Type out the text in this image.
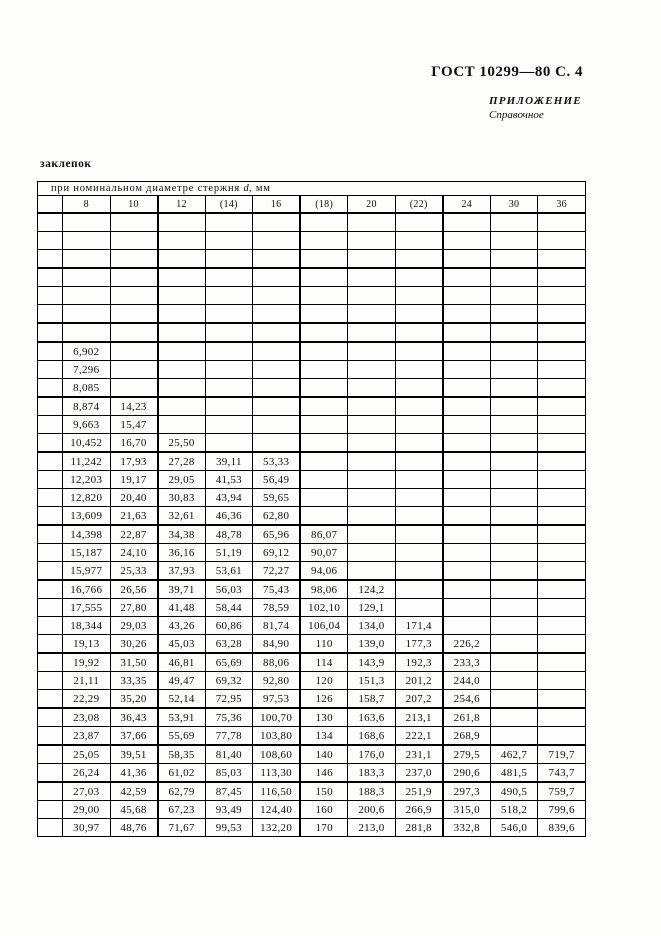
ГОСТ 10299—80 С. 4
ПРИЛОЖЕНИЕ
Справочное
заклепок
при номинальном диаметре стержня d, мм											
	8	10	12	(14)	16	(18)	20	(22)	24	30	36

	6,902										
	7,296										
	8,085										
	8,874	14,23									
	9,663	15,47									
	10,452	16,70	25,50								
	11,242	17,93	27,28	39,11	53,33						
	12,203	19,17	29,05	41,53	56,49						
	12,820	20,40	30,83	43,94	59,65						
	13,609	21,63	32,61	46,36	62,80						
	14,398	22,87	34,38	48,78	65,96	86,07					
	15,187	24,10	36,16	51,19	69,12	90,07					
	15,977	25,33	37,93	53,61	72,27	94,06					
	16,766	26,56	39,71	56,03	75,43	98,06	124,2				
	17,555	27,80	41,48	58,44	78,59	102,10	129,1				
	18,344	29,03	43,26	60,86	81,74	106,04	134,0	171,4			
	19,13	30,26	45,03	63,28	84,90	110	139,0	177,3	226,2		
	19,92	31,50	46,81	65,69	88,06	114	143,9	192,3	233,3		
	21,11	33,35	49,47	69,32	92,80	120	151,3	201,2	244,0		
	22,29	35,20	52,14	72,95	97,53	126	158,7	207,2	254,6		
	23,08	36,43	53,91	75,36	100,70	130	163,6	213,1	261,8		
	23,87	37,66	55,69	77,78	103,80	134	168,6	222,1	268,9		
	25,05	39,51	58,35	81,40	108,60	140	176,0	231,1	279,5	462,7	719,7
	26,24	41,36	61,02	85,03	113,30	146	183,3	237,0	290,6	481,5	743,7
	27,03	42,59	62,79	87,45	116,50	150	188,3	251,9	297,3	490,5	759,7
	29,00	45,68	67,23	93,49	124,40	160	200,6	266,9	315,0	518,2	799,6
	30,97	48,76	71,67	99,53	132,20	170	213,0	281,8	332,8	546,0	839,6
